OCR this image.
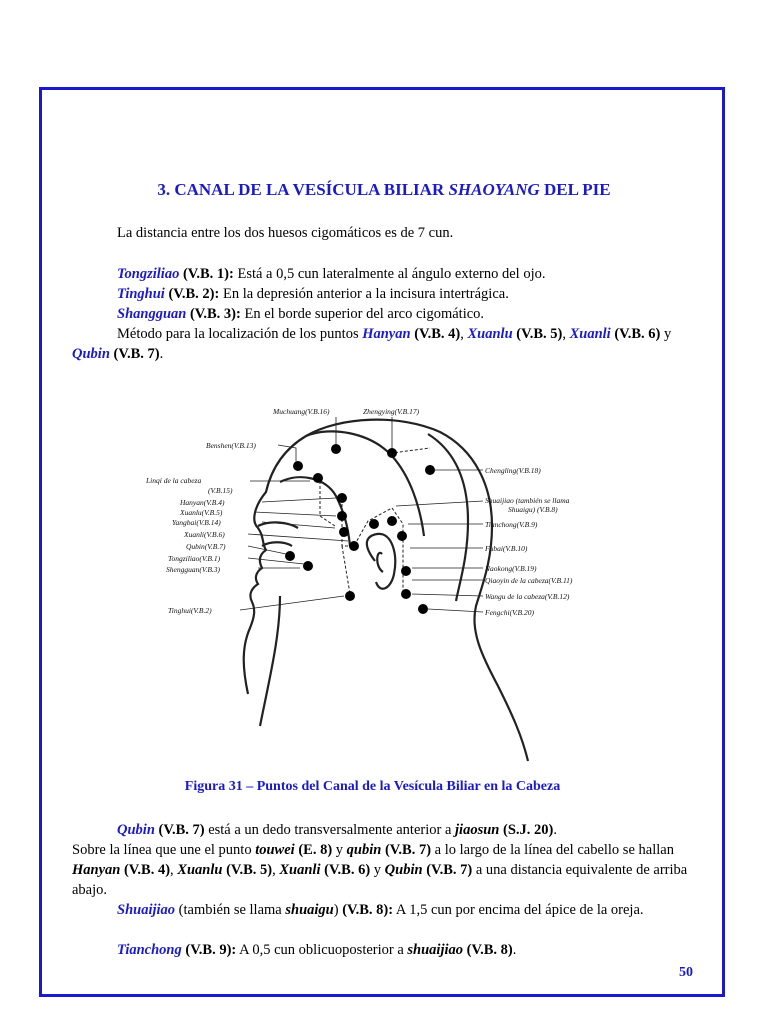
3. CANAL DE LA VESÍCULA BILIAR SHAOYANG DEL PIE
La distancia entre los dos huesos cigomáticos es de 7 cun.
Tongziliao (V.B. 1): Está a 0,5 cun lateralmente al ángulo externo del ojo.
Tinghui (V.B. 2): En la depresión anterior a la incisura intertrágica.
Shangguan (V.B. 3): En el borde superior del arco cigomático.
Método para la localización de los puntos Hanyan (V.B. 4), Xuanlu (V.B. 5), Xuanli (V.B. 6) y Qubin (V.B. 7).
Muchuang(V.B.16)	Zhengying(V.B.17)
Benshen(V.B.13)
Linqi de la cabeza
(V.B.15)
Hanyan(V.B.4)
Xuanlu(V.B.5)
Yangbai(V.B.14)
Xuanli(V.B.6)
Qubin(V.B.7)
Tongziliao(V.B.1)
Shengguan(V.B.3)
Tinghui(V.B.2)
Chengling(V.B.18)
Shuaijiao (también se llama
Shuaigu) (V.B.8)
Tianchong(V.B.9)
Fubai(V.B.10)
Naokong(V.B.19)
Qiaoyin de la cabeza(V.B.11)
Wangu de la cabeza(V.B.12)
Fengchi(V.B.20)
Figura 31 – Puntos del Canal de la Vesícula Biliar en la Cabeza
Qubin (V.B. 7) está a un dedo transversalmente anterior a jiaosun (S.J. 20).
Sobre la línea que une el punto touwei (E. 8) y qubin (V.B. 7) a lo largo de la línea del cabello se hallan Hanyan (V.B. 4), Xuanlu (V.B. 5), Xuanli (V.B. 6) y Qubin (V.B. 7) a una distancia equivalente de arriba abajo.
Shuaijiao (también se llama shuaigu) (V.B. 8): A 1,5 cun por encima del ápice de la oreja.
Tianchong (V.B. 9): A 0,5 cun oblicuoposterior a shuaijiao (V.B. 8).
50
